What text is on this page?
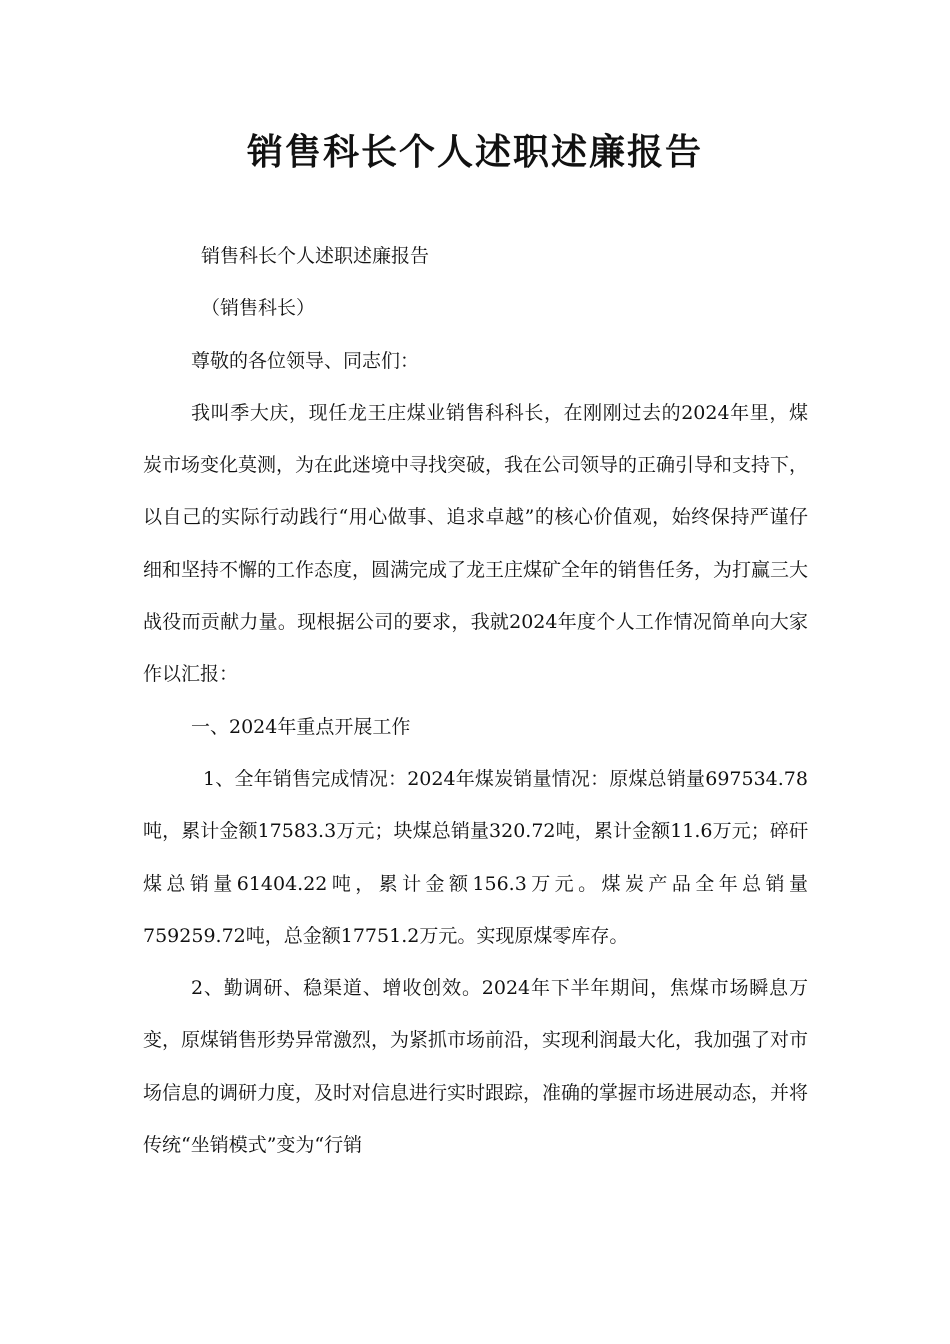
销售科长个人述职述廉报告

销售科长个人述职述廉报告

（销售科长）

尊敬的各位领导、同志们：

我叫季大庆，现任龙王庄煤业销售科科长，在刚刚过去的2024年里，煤炭市场变化莫测，为在此迷境中寻找突破，我在公司领导的正确引导和支持下，以自己的实际行动践行“用心做事、追求卓越”的核心价值观，始终保持严谨仔细和坚持不懈的工作态度，圆满完成了龙王庄煤矿全年的销售任务，为打赢三大战役而贡献力量。现根据公司的要求，我就2024年度个人工作情况简单向大家作以汇报：

一、2024年重点开展工作

1、全年销售完成情况：2024年煤炭销量情况：原煤总销量697534.78吨，累计金额17583.3万元；块煤总销量320.72吨，累计金额11.6万元；碎矸煤总销量61404.22吨，累计金额156.3万元。煤炭产品全年总销量759259.72吨，总金额17751.2万元。实现原煤零库存。

2、勤调研、稳渠道、增收创效。2024年下半年期间，焦煤市场瞬息万变，原煤销售形势异常激烈，为紧抓市场前沿，实现利润最大化，我加强了对市场信息的调研力度，及时对信息进行实时跟踪，准确的掌握市场进展动态，并将传统“坐销模式”变为“行销
